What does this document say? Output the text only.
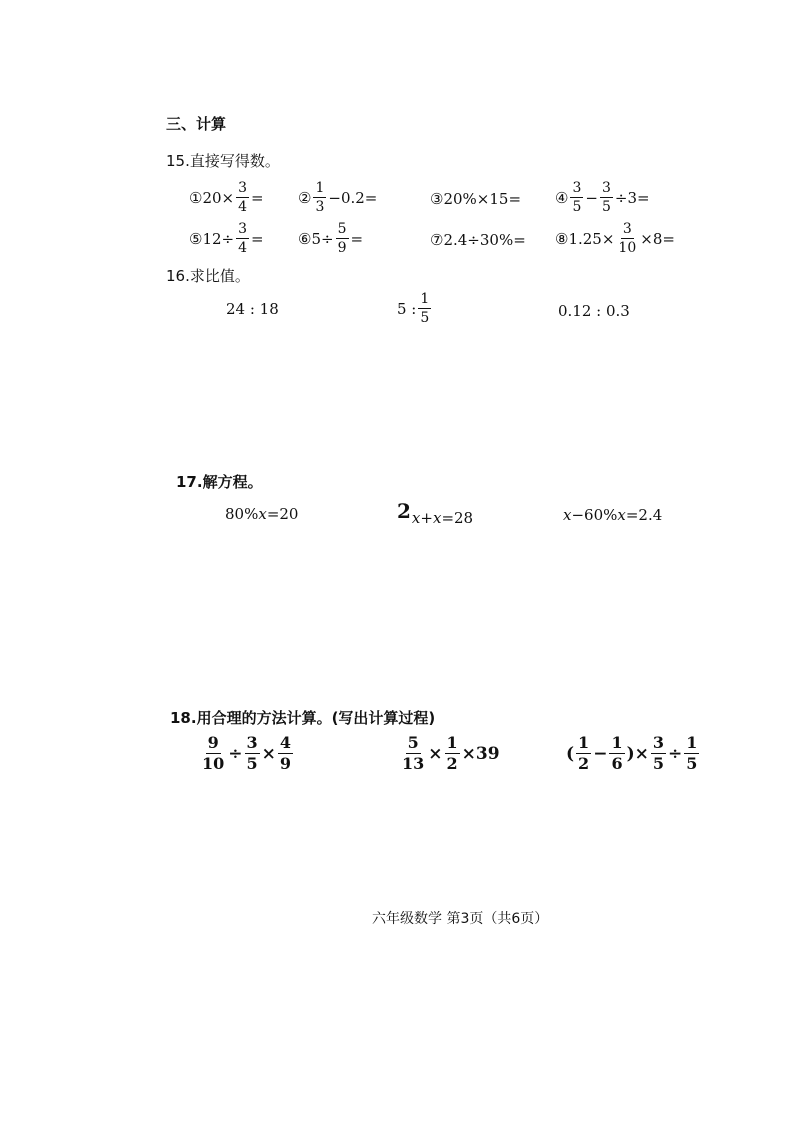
三、计算
15.直接写得数。
① $20\times \frac{3}{4}$ = ② $\frac{1}{3} -0.2=$	③ 20%×15= ④ $\frac{3}{5} - \frac{3}{5} \div 3=$
⑤ $12\div \frac{3}{4}$ = ⑥ $5\div \frac{5}{9}$ =	⑦ 2.4÷30%= ⑧ $1.25\times \frac{3}{10} \times 8=$
16.求比值。
24 : 18	5 : $\frac{1}{5}$	0.12 : 0.3
17.解方程。
80% x =20	2 x + x =28	x −60% x =2.4
18.用合理的方法计算。(写出计算过程)
$\frac{9}{10} \div \frac{3}{5} \times \frac{4}{9}$	$\frac{5}{13} \times \frac{1}{2} \times 39$	( $\frac{1}{2} - \frac{1}{6}$ ) × $\frac{3}{5} \div \frac{1}{5}$
六年级数学 第3页（共6页）
